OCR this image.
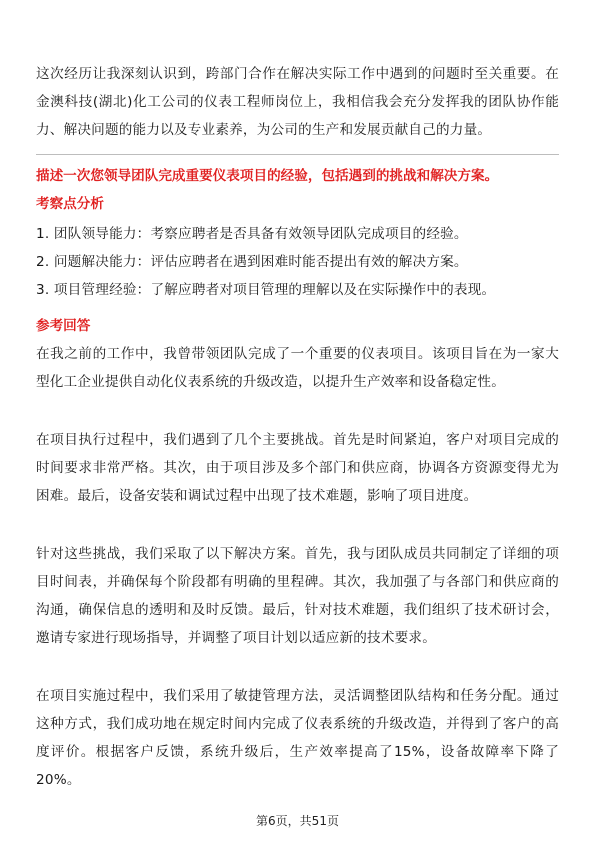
这次经历让我深刻认识到，跨部门合作在解决实际工作中遇到的问题时至关重要。在金澳科技(湖北)化工公司的仪表工程师岗位上，我相信我会充分发挥我的团队协作能力、解决问题的能力以及专业素养，为公司的生产和发展贡献自己的力量。

描述一次您领导团队完成重要仪表项目的经验，包括遇到的挑战和解决方案。
考察点分析
1. 团队领导能力：考察应聘者是否具备有效领导团队完成项目的经验。
2. 问题解决能力：评估应聘者在遇到困难时能否提出有效的解决方案。
3. 项目管理经验：了解应聘者对项目管理的理解以及在实际操作中的表现。
参考回答

在我之前的工作中，我曾带领团队完成了一个重要的仪表项目。该项目旨在为一家大型化工企业提供自动化仪表系统的升级改造，以提升生产效率和设备稳定性。

在项目执行过程中，我们遇到了几个主要挑战。首先是时间紧迫，客户对项目完成的时间要求非常严格。其次，由于项目涉及多个部门和供应商，协调各方资源变得尤为困难。最后，设备安装和调试过程中出现了技术难题，影响了项目进度。

针对这些挑战，我们采取了以下解决方案。首先，我与团队成员共同制定了详细的项目时间表，并确保每个阶段都有明确的里程碑。其次，我加强了与各部门和供应商的沟通，确保信息的透明和及时反馈。最后，针对技术难题，我们组织了技术研讨会，邀请专家进行现场指导，并调整了项目计划以适应新的技术要求。

在项目实施过程中，我们采用了敏捷管理方法，灵活调整团队结构和任务分配。通过这种方式，我们成功地在规定时间内完成了仪表系统的升级改造，并得到了客户的高度评价。根据客户反馈，系统升级后，生产效率提高了15%，设备故障率下降了20%。

第6页，共51页
